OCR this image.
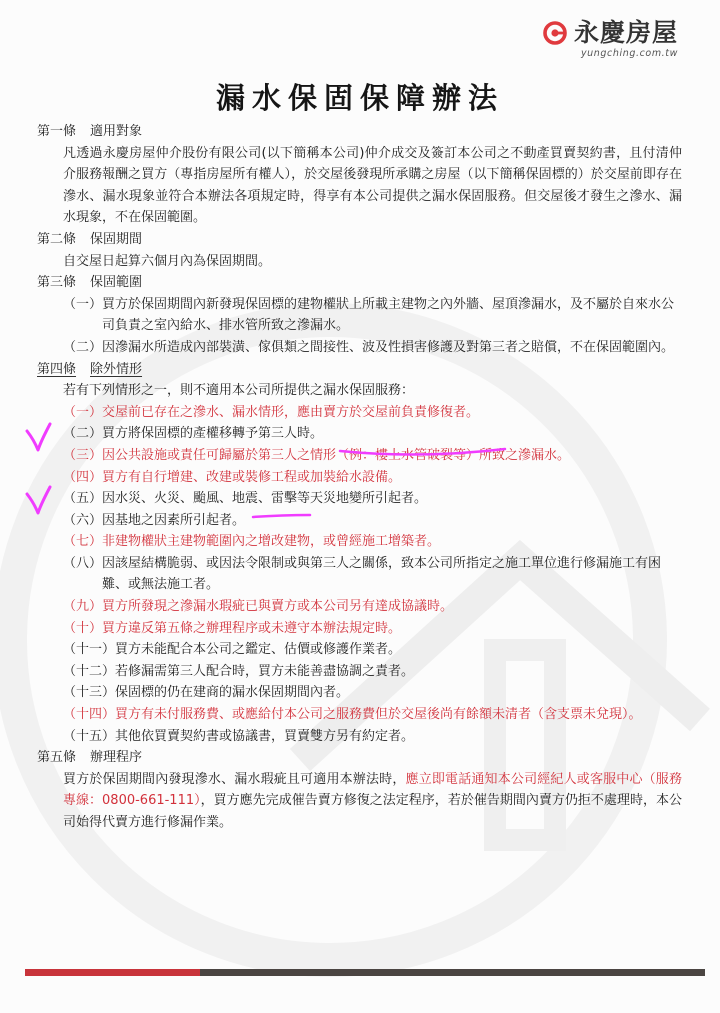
永慶房屋
yungching.com.tw
漏水保固保障辦法

第一條 適用對象

凡透過永慶房屋仲介股份有限公司(以下簡稱本公司)仲介成交及簽訂本公司之不動產買賣契約書，且付清仲介服務報酬之買方（專指房屋所有權人），於交屋後發現所承購之房屋（以下簡稱保固標的）於交屋前即存在滲水、漏水現象並符合本辦法各項規定時，得享有本公司提供之漏水保固服務。但交屋後才發生之滲水、漏水現象，不在保固範圍。

第二條 保固期間

自交屋日起算六個月內為保固期間。

第三條 保固範圍

（一） 買方於保固期間內新發現保固標的建物權狀上所載主建物之內外牆、屋頂滲漏水，及不屬於自來水公司負責之室內給水、排水管所致之滲漏水。
（二） 因滲漏水所造成內部裝潢、傢俱類之間接性、波及性損害修護及對第三者之賠償，不在保固範圍內。

第四條 除外情形

若有下列情形之一，則不適用本公司所提供之漏水保固服務：

（一） 交屋前已存在之滲水、漏水情形，應由賣方於交屋前負責修復者。
（二） 買方將保固標的產權移轉予第三人時。
（三） 因公共設施或責任可歸屬於第三人之情形（例：樓上水管破裂等）所致之滲漏水。
（四） 買方有自行增建、改建或裝修工程或加裝給水設備。
（五） 因水災、火災、颱風、地震、雷擊等天災地變所引起者。
（六） 因基地之因素所引起者。
（七） 非建物權狀主建物範圍內之增改建物，或曾經施工增築者。
（八） 因該屋結構脆弱、或因法令限制或與第三人之關係，致本公司所指定之施工單位進行修漏施工有困難、或無法施工者。
（九） 買方所發現之滲漏水瑕疵已與賣方或本公司另有達成協議時。
（十） 買方違反第五條之辦理程序或未遵守本辦法規定時。
（十一） 買方未能配合本公司之鑑定、估價或修護作業者。
（十二） 若修漏需第三人配合時，買方未能善盡協調之責者。
（十三） 保固標的仍在建商的漏水保固期間內者。
（十四） 買方有未付服務費、或應給付本公司之服務費但於交屋後尚有餘額未清者（含支票未兌現）。
（十五） 其他依買賣契約書或協議書，買賣雙方另有約定者。

第五條 辦理程序

買方於保固期間內發現滲水、漏水瑕疵且可適用本辦法時，應立即電話通知本公司經紀人或客服中心（服務專線：0800-661-111），買方應先完成催告賣方修復之法定程序，若於催告期間內賣方仍拒不處理時，本公司始得代賣方進行修漏作業。
